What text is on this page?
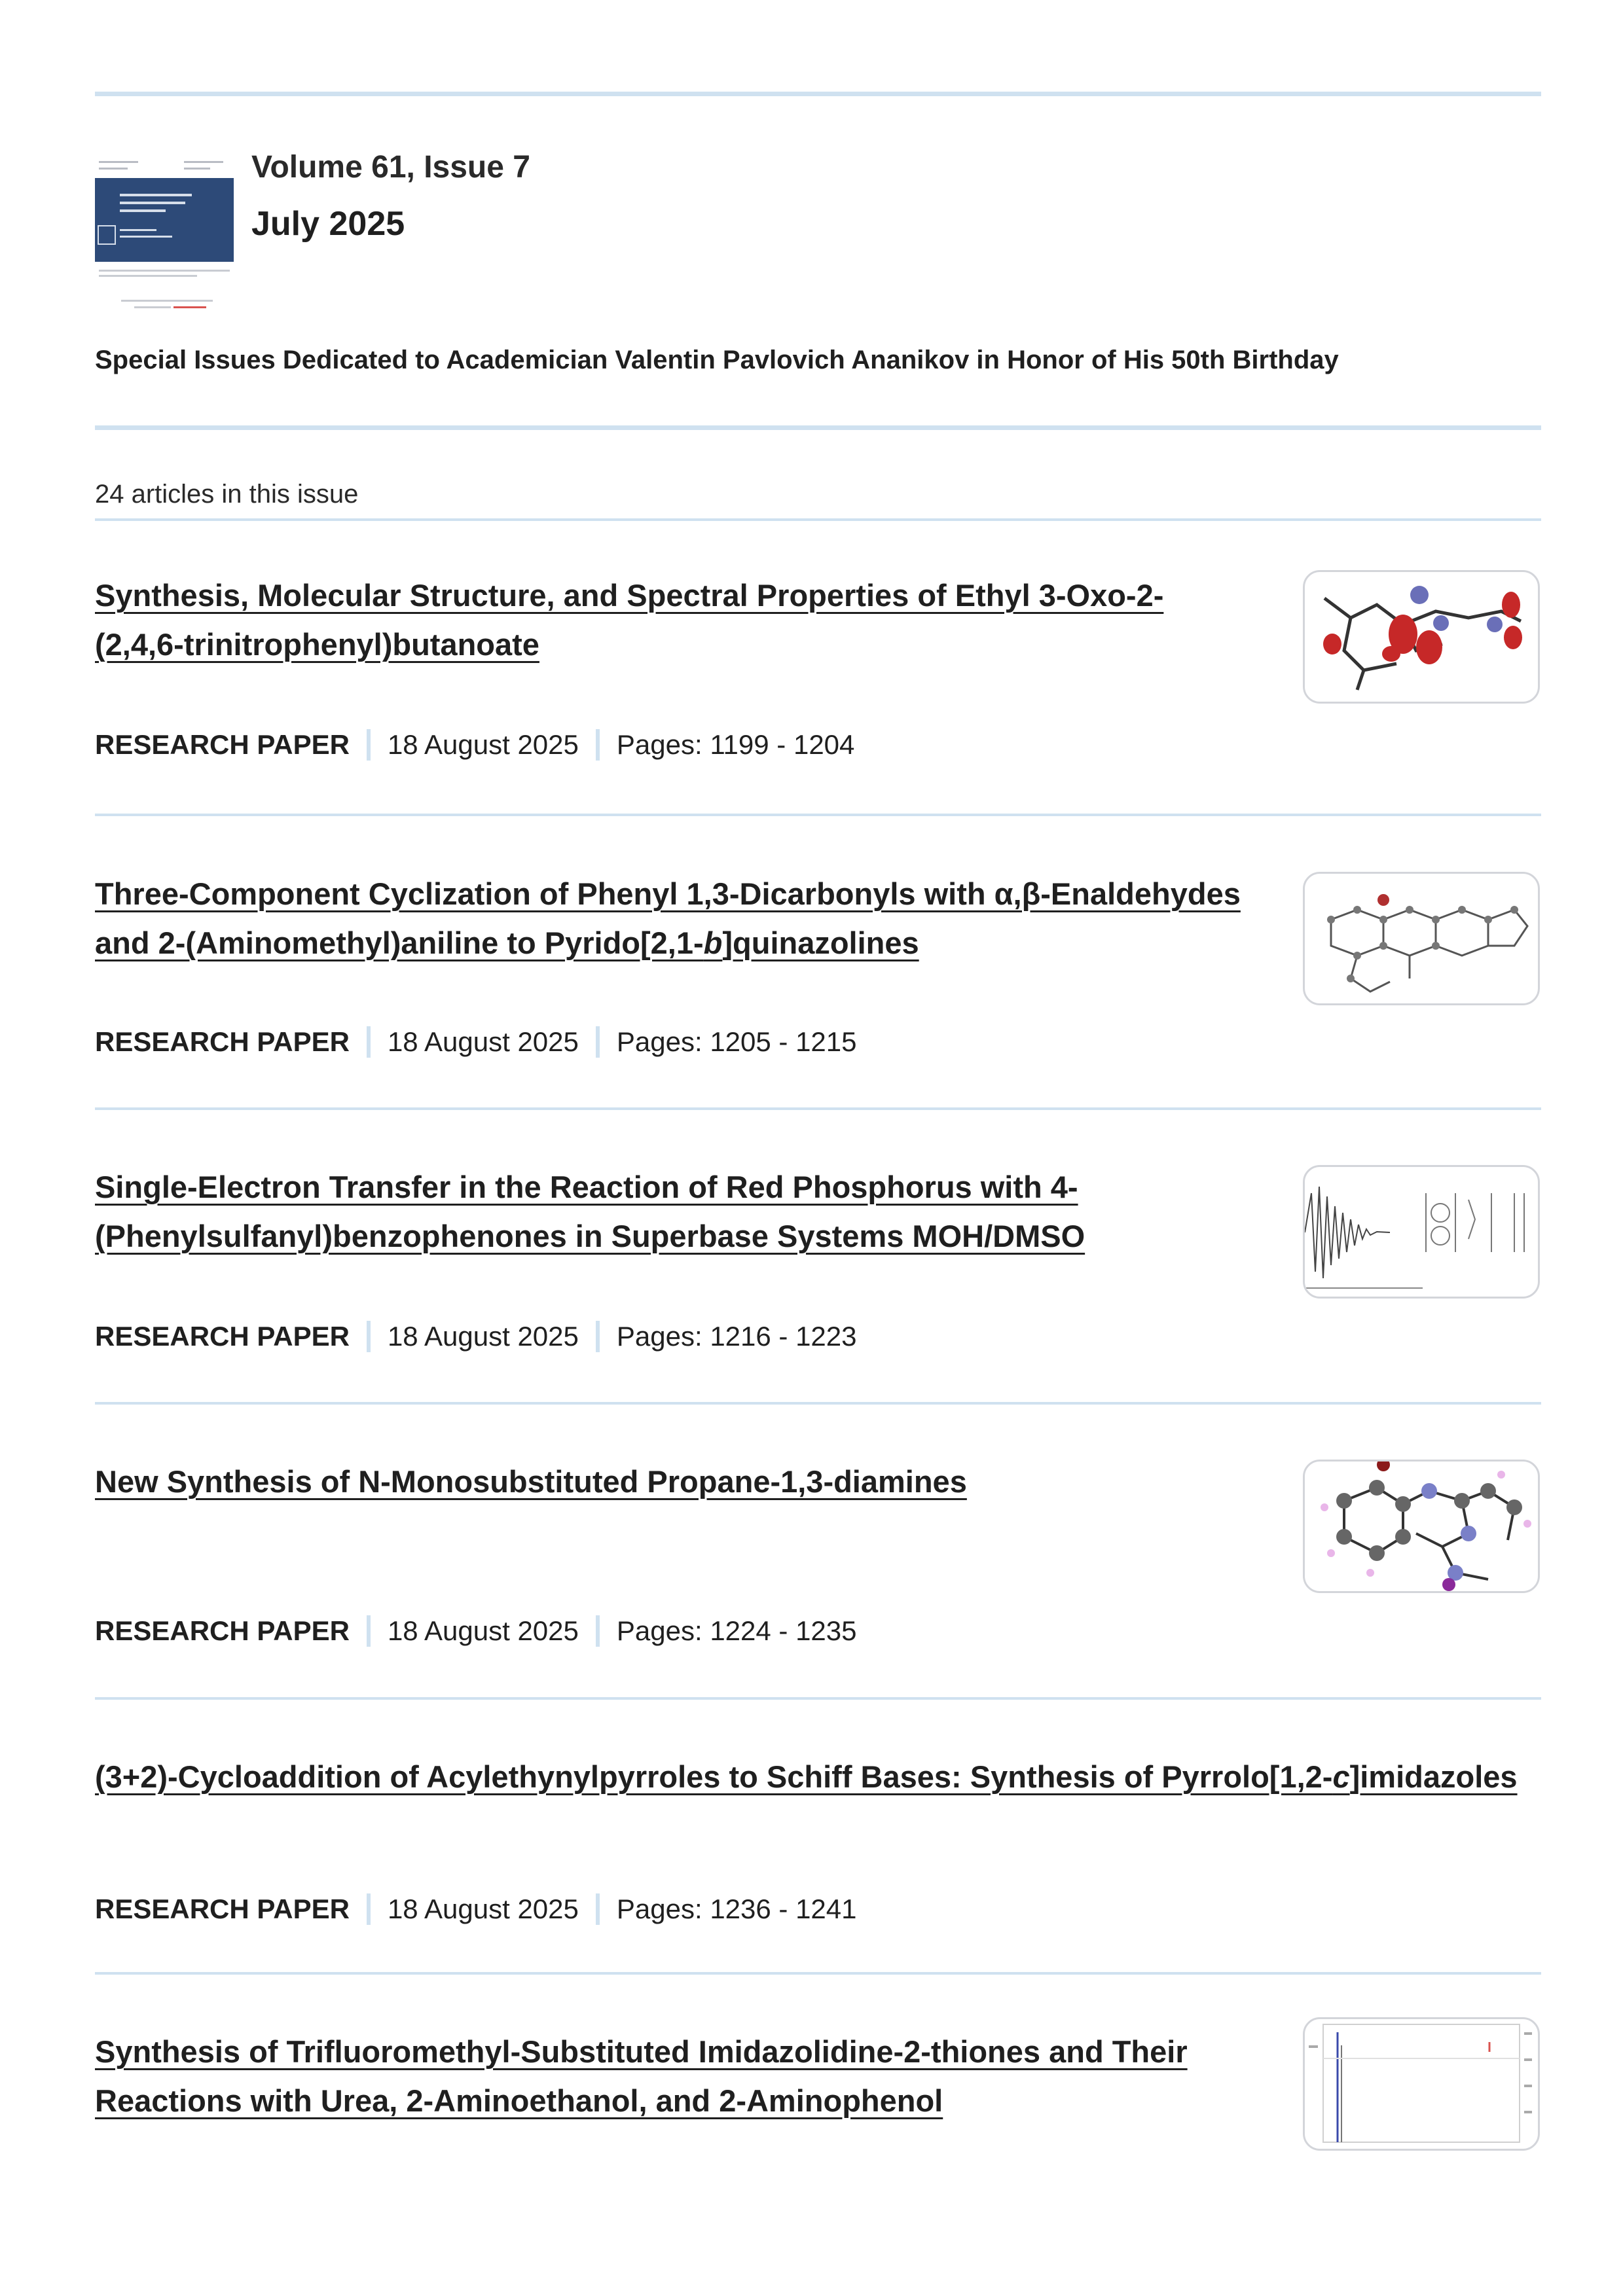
Volume 61, Issue 7
July 2025
Special Issues Dedicated to Academician Valentin Pavlovich Ananikov in Honor of His 50th Birthday
24 articles in this issue
Synthesis, Molecular Structure, and Spectral Properties of Ethyl 3-Oxo-2-(2,4,6-trinitrophenyl)butanoate
RESEARCH PAPER 18 August 2025 Pages: 1199 - 1204
Three-Component Cyclization of Phenyl 1,3-Dicarbonyls with α,β-Enaldehydes and 2-(Aminomethyl)aniline to Pyrido[2,1-b]quinazolines
RESEARCH PAPER 18 August 2025 Pages: 1205 - 1215
Single-Electron Transfer in the Reaction of Red Phosphorus with 4-(Phenylsulfanyl)benzophenones in Superbase Systems MOH/DMSO
RESEARCH PAPER 18 August 2025 Pages: 1216 - 1223
New Synthesis of N-Monosubstituted Propane-1,3-diamines
RESEARCH PAPER 18 August 2025 Pages: 1224 - 1235
(3+2)-Cycloaddition of Acylethynylpyrroles to Schiff Bases: Synthesis of Pyrrolo[1,2-c]imidazoles
RESEARCH PAPER 18 August 2025 Pages: 1236 - 1241
Synthesis of Trifluoromethyl-Substituted Imidazolidine-2-thiones and Their Reactions with Urea, 2-Aminoethanol, and 2-Aminophenol
